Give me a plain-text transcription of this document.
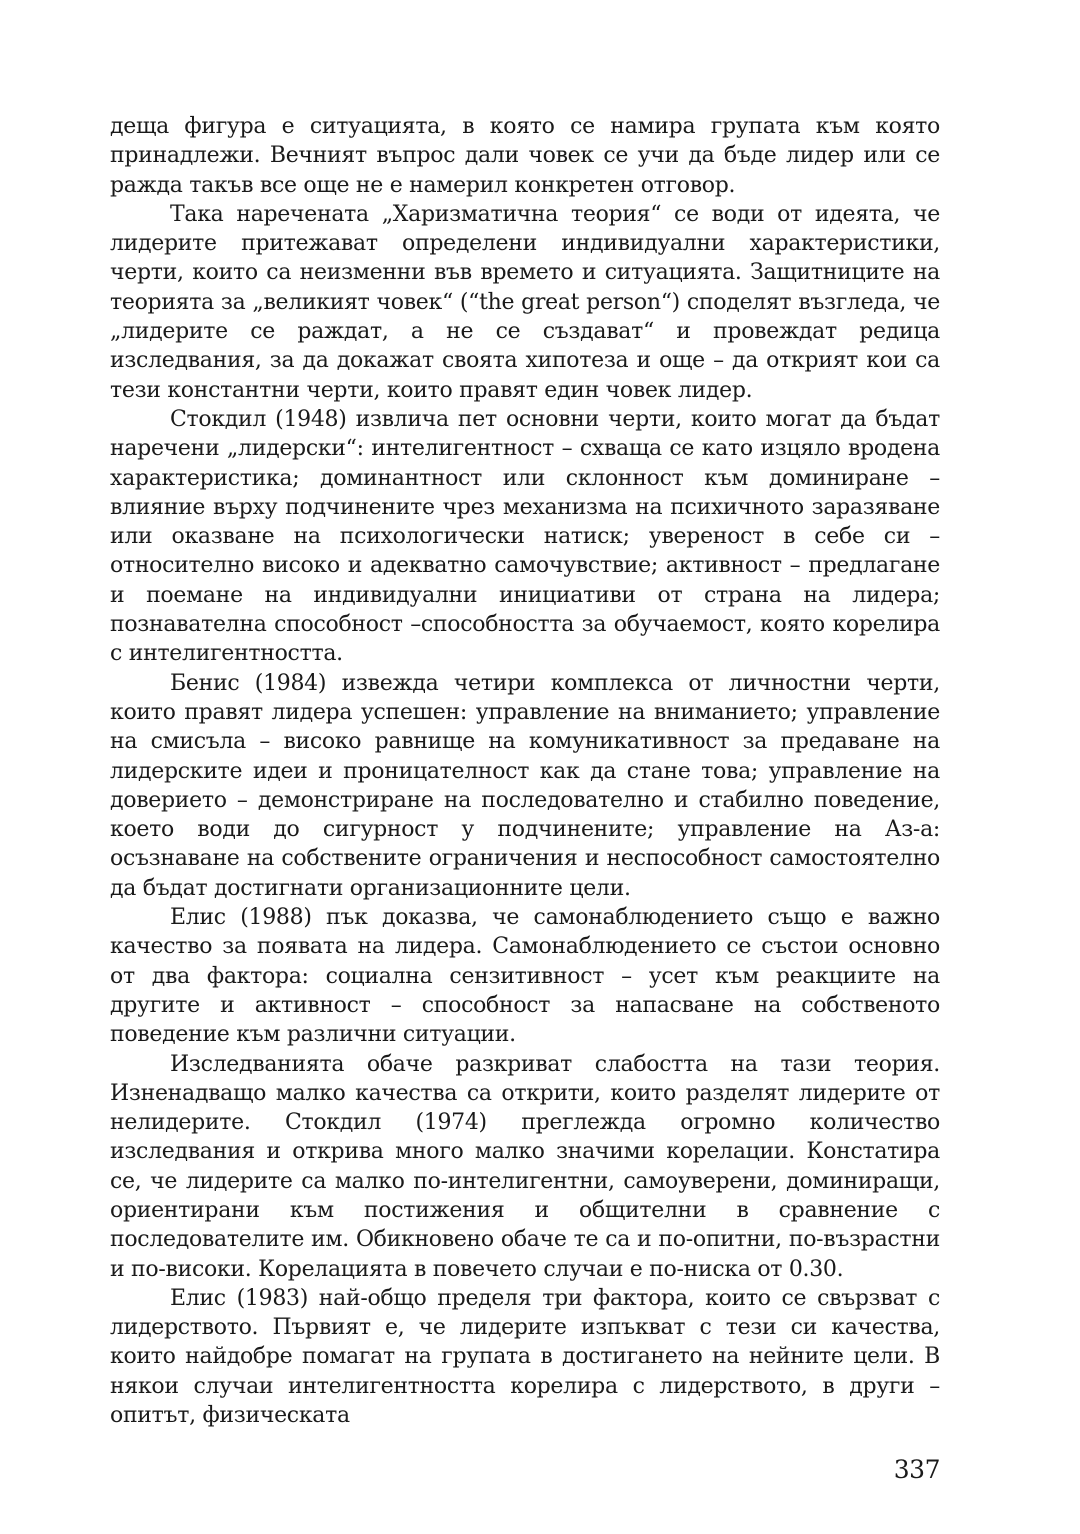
деща фигура е ситуацията, в която се намира групата към която принадлежи. Вечният въпрос дали човек се учи да бъде лидер или се ражда такъв все още не е намерил конкретен отговор.

Така наречената „Харизматична теория“ се води от идеята, че лидерите притежават определени индивидуални характеристики, черти, които са неизменни във времето и ситуацията. Защитниците на теорията за „великият човек“ (“the great person“) споделят възгледа, че „лидерите се раждат, а не се създават“ и провеждат редица изследвания, за да докажат своята хипотеза и още – да открият кои са тези константни черти, които правят един човек лидер.

Стокдил (1948) извлича пет основни черти, които могат да бъдат наречени „лидерски“: интелигентност – схваща се като изцяло вродена характеристика; доминантност или склонност към доминиране – влияние върху подчинените чрез механизма на психичното заразяване или оказване на психологически натиск; увереност в себе си – относително високо и адекватно самочувствие; активност – предлагане и поемане на индивидуални инициативи от страна на лидера; познавателна способност –способността за обучаемост, която корелира с интелигентността.

Бенис (1984) извежда четири комплекса от личностни черти, които правят лидера успешен: управление на вниманието; управление на смисъла – високо равнище на комуникативност за предаване на лидерските идеи и проницателност как да стане това; управление на доверието – демонстриране на последователно и стабилно поведение, което води до сигурност у подчинените; управление на Аз-а: осъзнаване на собствените ограничения и неспособност самостоятелно да бъдат достигнати организационните цели.

Елис (1988) пък доказва, че самонаблюдението също е важно качество за появата на лидера. Самонаблюдението се състои основно от два фактора: социална сензитивност – усет към реакциите на другите и активност – способност за напасване на собственото поведение към различни ситуации.

Изследванията обаче разкриват слабостта на тази теория. Изненадващо малко качества са открити, които разделят лидерите от нелидерите. Стокдил (1974) преглежда огромно количество изследвания и открива много малко значими корелации. Констатира се, че лидерите са малко по-интелигентни, самоуверени, доминиращи, ориентирани към постижения и общителни в сравнение с последователите им. Обикновено обаче те са и по-опитни, по-възрастни и по-високи. Корелацията в повечето случаи е по-ниска от 0.30.

Елис (1983) най-общо пределя три фактора, които се свързват с лидерството. Първият е, че лидерите изпъкват с тези си качества, които найдобре помагат на групата в достигането на нейните цели. В някои случаи интелигентността корелира с лидерството, в други – опитът, физическата

337
